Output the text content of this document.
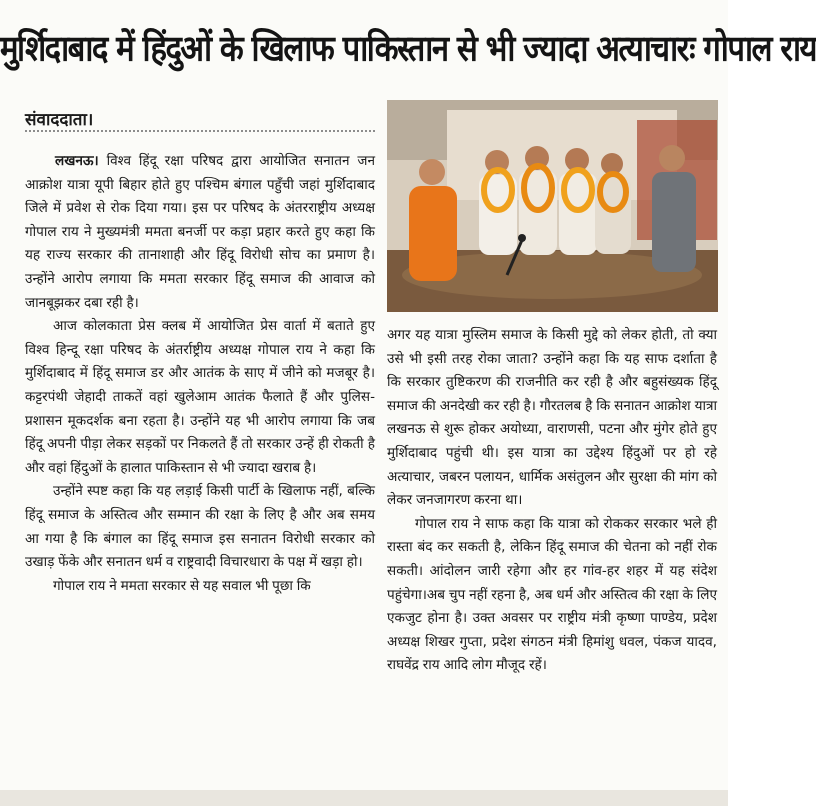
मुर्शिदाबाद में हिंदुओं के खिलाफ पाकिस्तान से भी ज्यादा अत्याचारः गोपाल राय
संवाददाता।

लखनऊ। विश्व हिंदू रक्षा परिषद द्वारा आयोजित सनातन जन आक्रोश यात्रा यूपी बिहार होते हुए पश्चिम बंगाल पहुँची जहां मुर्शिदाबाद जिले में प्रवेश से रोक दिया गया। इस पर परिषद के अंतरराष्ट्रीय अध्यक्ष गोपाल राय ने मुख्यमंत्री ममता बनर्जी पर कड़ा प्रहार करते हुए कहा कि यह राज्य सरकार की तानाशाही और हिंदू विरोधी सोच का प्रमाण है। उन्होंने आरोप लगाया कि ममता सरकार हिंदू समाज की आवाज को जानबूझकर दबा रही है।

आज कोलकाता प्रेस क्लब में आयोजित प्रेस वार्ता में बताते हुए विश्व हिन्दू रक्षा परिषद के अंतर्राष्ट्रीय अध्यक्ष गोपाल राय ने कहा कि मुर्शिदाबाद में हिंदू समाज डर और आतंक के साए में जीने को मजबूर है। कट्टरपंथी जेहादी ताकतें वहां खुलेआम आतंक फैलाते हैं और पुलिस-प्रशासन मूकदर्शक बना रहता है। उन्होंने यह भी आरोप लगाया कि जब हिंदू अपनी पीड़ा लेकर सड़कों पर निकलते हैं तो सरकार उन्हें ही रोकती है और वहां हिंदुओं के हालात पाकिस्तान से भी ज्यादा खराब है।

उन्होंने स्पष्ट कहा कि यह लड़ाई किसी पार्टी के खिलाफ नहीं, बल्कि हिंदू समाज के अस्तित्व और सम्मान की रक्षा के लिए है और अब समय आ गया है कि बंगाल का हिंदू समाज इस सनातन विरोधी सरकार को उखाड़ फेंके और सनातन धर्म व राष्ट्रवादी विचारधारा के पक्ष में खड़ा हो।

गोपाल राय ने ममता सरकार से यह सवाल भी पूछा कि

अगर यह यात्रा मुस्लिम समाज के किसी मुद्दे को लेकर होती, तो क्या उसे भी इसी तरह रोका जाता? उन्होंने कहा कि यह साफ दर्शाता है कि सरकार तुष्टिकरण की राजनीति कर रही है और बहुसंख्यक हिंदू समाज की अनदेखी कर रही है। गौरतलब है कि सनातन आक्रोश यात्रा लखनऊ से शुरू होकर अयोध्या, वाराणसी, पटना और मुंगेर होते हुए मुर्शिदाबाद पहुंची थी। इस यात्रा का उद्देश्य हिंदुओं पर हो रहे अत्याचार, जबरन पलायन, धार्मिक असंतुलन और सुरक्षा की मांग को लेकर जनजागरण करना था।

गोपाल राय ने साफ कहा कि यात्रा को रोककर सरकार भले ही रास्ता बंद कर सकती है, लेकिन हिंदू समाज की चेतना को नहीं रोक सकती। आंदोलन जारी रहेगा और हर गांव-हर शहर में यह संदेश पहुंचेगा।अब चुप नहीं रहना है, अब धर्म और अस्तित्व की रक्षा के लिए एकजुट होना है। उक्त अवसर पर राष्ट्रीय मंत्री कृष्णा पाण्डेय, प्रदेश अध्यक्ष शिखर गुप्ता, प्रदेश संगठन मंत्री हिमांशु धवल, पंकज यादव, राघवेंद्र राय आदि लोग मौजूद रहें।
